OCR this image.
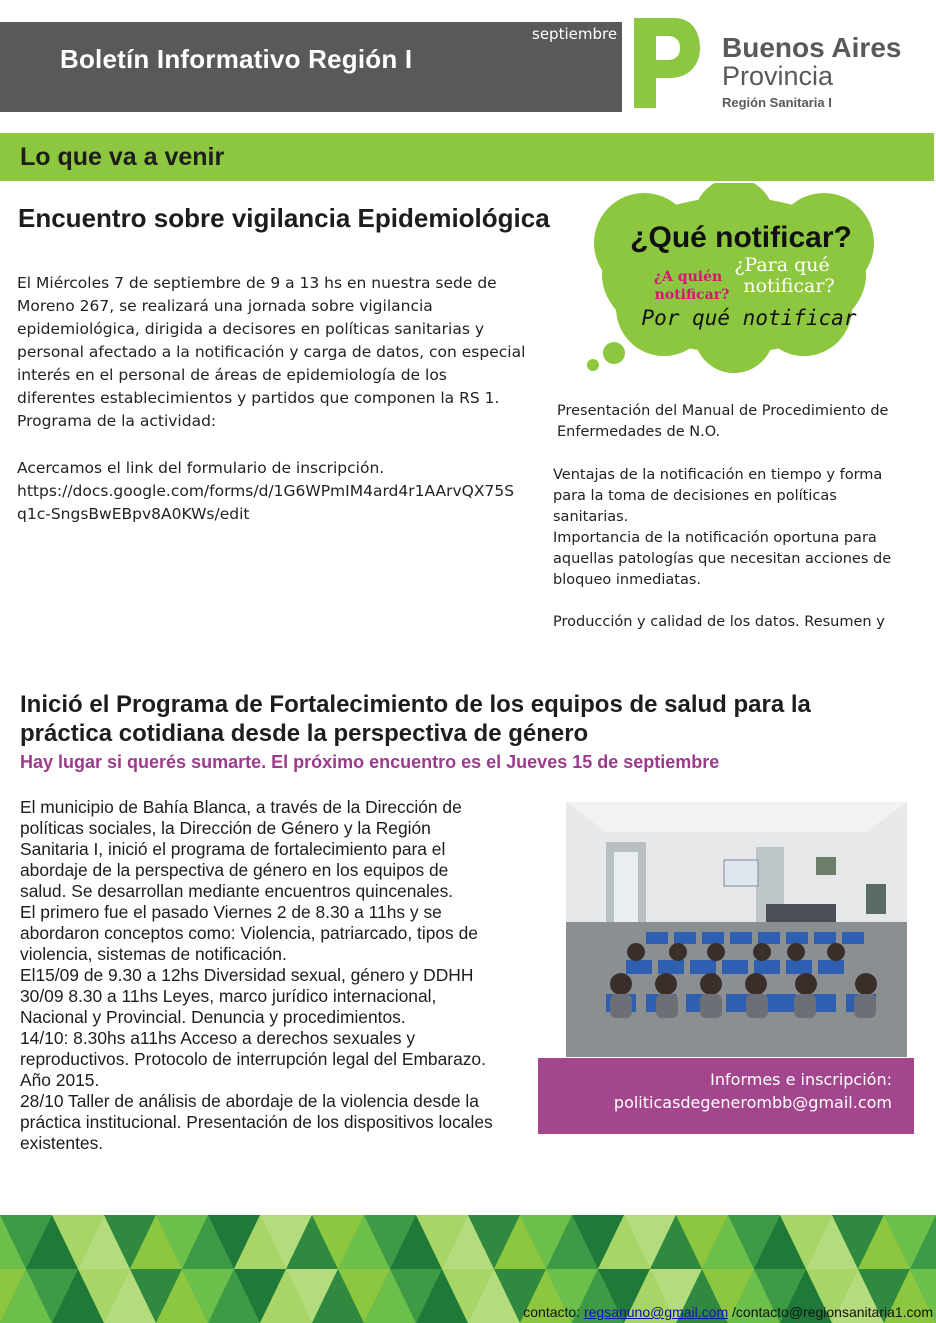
Boletín Informativo Región I
septiembre	Buenos Aires
Provincia
Región Sanitaria I
Lo que va a venir
Encuentro sobre vigilancia Epidemiológica
El Miércoles 7 de septiembre de 9 a 13 hs en nuestra sede de Moreno 267, se realizará una jornada sobre vigilancia epidemiológica, dirigida a decisores en políticas sanitarias y personal afectado a la notificación y carga de datos, con especial interés en el personal de áreas de epidemiología de los diferentes establecimientos y partidos que componen la RS 1.
Programa de la actividad:
Acercamos el link del formulario de inscripción.
https://docs.google.com/forms/d/1G6WPmIM4ard4r1AArvQX75S
q1c-SngsBwEBpv8A0KWs/edit
¿Qué notificar?
¿Para qué
notificar?
¿A quién
notificar?
Por qué notificar
Presentación del Manual de Procedimiento de Enfermedades de N.O.
Ventajas de la notificación en tiempo y forma para la toma de decisiones en políticas sanitarias.
Importancia de la notificación oportuna para aquellas patologías que necesitan acciones de bloqueo inmediatas.
Producción y calidad de los datos. Resumen y
Inició el Programa de Fortalecimiento de los equipos de salud para la práctica cotidiana desde la perspectiva de género
Hay lugar si querés sumarte. El próximo encuentro es el Jueves 15 de septiembre
El municipio de Bahía Blanca, a través de la Dirección de
políticas sociales, la Dirección de Género y la Región
Sanitaria I, inició el programa de fortalecimiento para el
abordaje de la perspectiva de género en los equipos de
salud. Se desarrollan mediante encuentros quincenales.
El primero fue el pasado Viernes 2 de 8.30 a 11hs y se
abordaron conceptos como: Violencia, patriarcado, tipos de
violencia, sistemas de notificación.
El15/09 de 9.30 a 12hs Diversidad sexual, género y DDHH
30/09 8.30 a 11hs Leyes, marco jurídico internacional,
Nacional y Provincial. Denuncia y procedimientos.
14/10: 8.30hs a11hs Acceso a derechos sexuales y
reproductivos. Protocolo de interrupción legal del Embarazo.
Año 2015.
28/10 Taller de análisis de abordaje de la violencia desde la
práctica institucional. Presentación de los dispositivos locales
existentes.
Informes e inscripción:
politicasdegenerombb@gmail.com
contacto: regsanuno@gmail.com /contacto@regionsanitaria1.com
